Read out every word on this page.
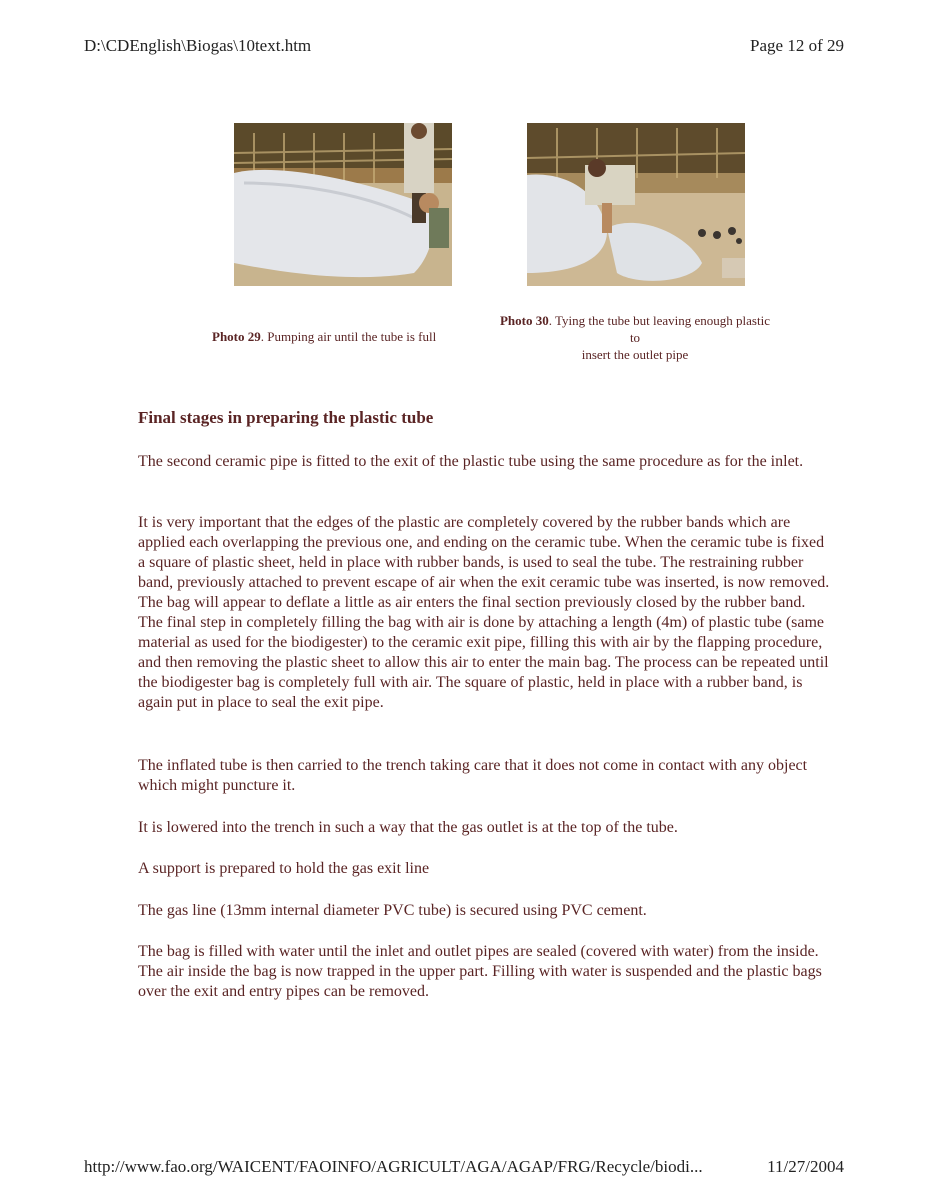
D:\CDEnglish\Biogas\10text.htm	Page 12 of 29
Photo 29. Pumping air until the tube is full
Photo 30. Tying the tube but leaving enough plastic
to
insert the outlet pipe
Final stages in preparing the plastic tube
The second ceramic pipe is fitted to the exit of the plastic tube using the same procedure as for the inlet.
It is very important that the edges of the plastic are completely covered by the rubber bands which are applied each overlapping the previous one, and ending on the ceramic tube. When the ceramic tube is fixed a square of plastic sheet, held in place with rubber bands, is used to seal the tube. The restraining rubber band, previously attached to prevent escape of air when the exit ceramic tube was inserted, is now removed. The bag will appear to deflate a little as air enters the final section previously closed by the rubber band. The final step in completely filling the bag with air is done by attaching a length (4m) of plastic tube (same material as used for the biodigester) to the ceramic exit pipe, filling this with air by the flapping procedure, and then removing the plastic sheet to allow this air to enter the main bag. The process can be repeated until the biodigester bag is completely full with air. The square of plastic, held in place with a rubber band, is again put in place to seal the exit pipe.
The inflated tube is then carried to the trench taking care that it does not come in contact with any object which might puncture it.
It is lowered into the trench in such a way that the gas outlet is at the top of the tube.
A support is prepared to hold the gas exit line
The gas line (13mm internal diameter PVC tube) is secured using PVC cement.
The bag is filled with water until the inlet and outlet pipes are sealed (covered with water) from the inside. The air inside the bag is now trapped in the upper part. Filling with water is suspended and the plastic bags over the exit and entry pipes can be removed.
http://www.fao.org/WAICENT/FAOINFO/AGRICULT/AGA/AGAP/FRG/Recycle/biodi...	11/27/2004
